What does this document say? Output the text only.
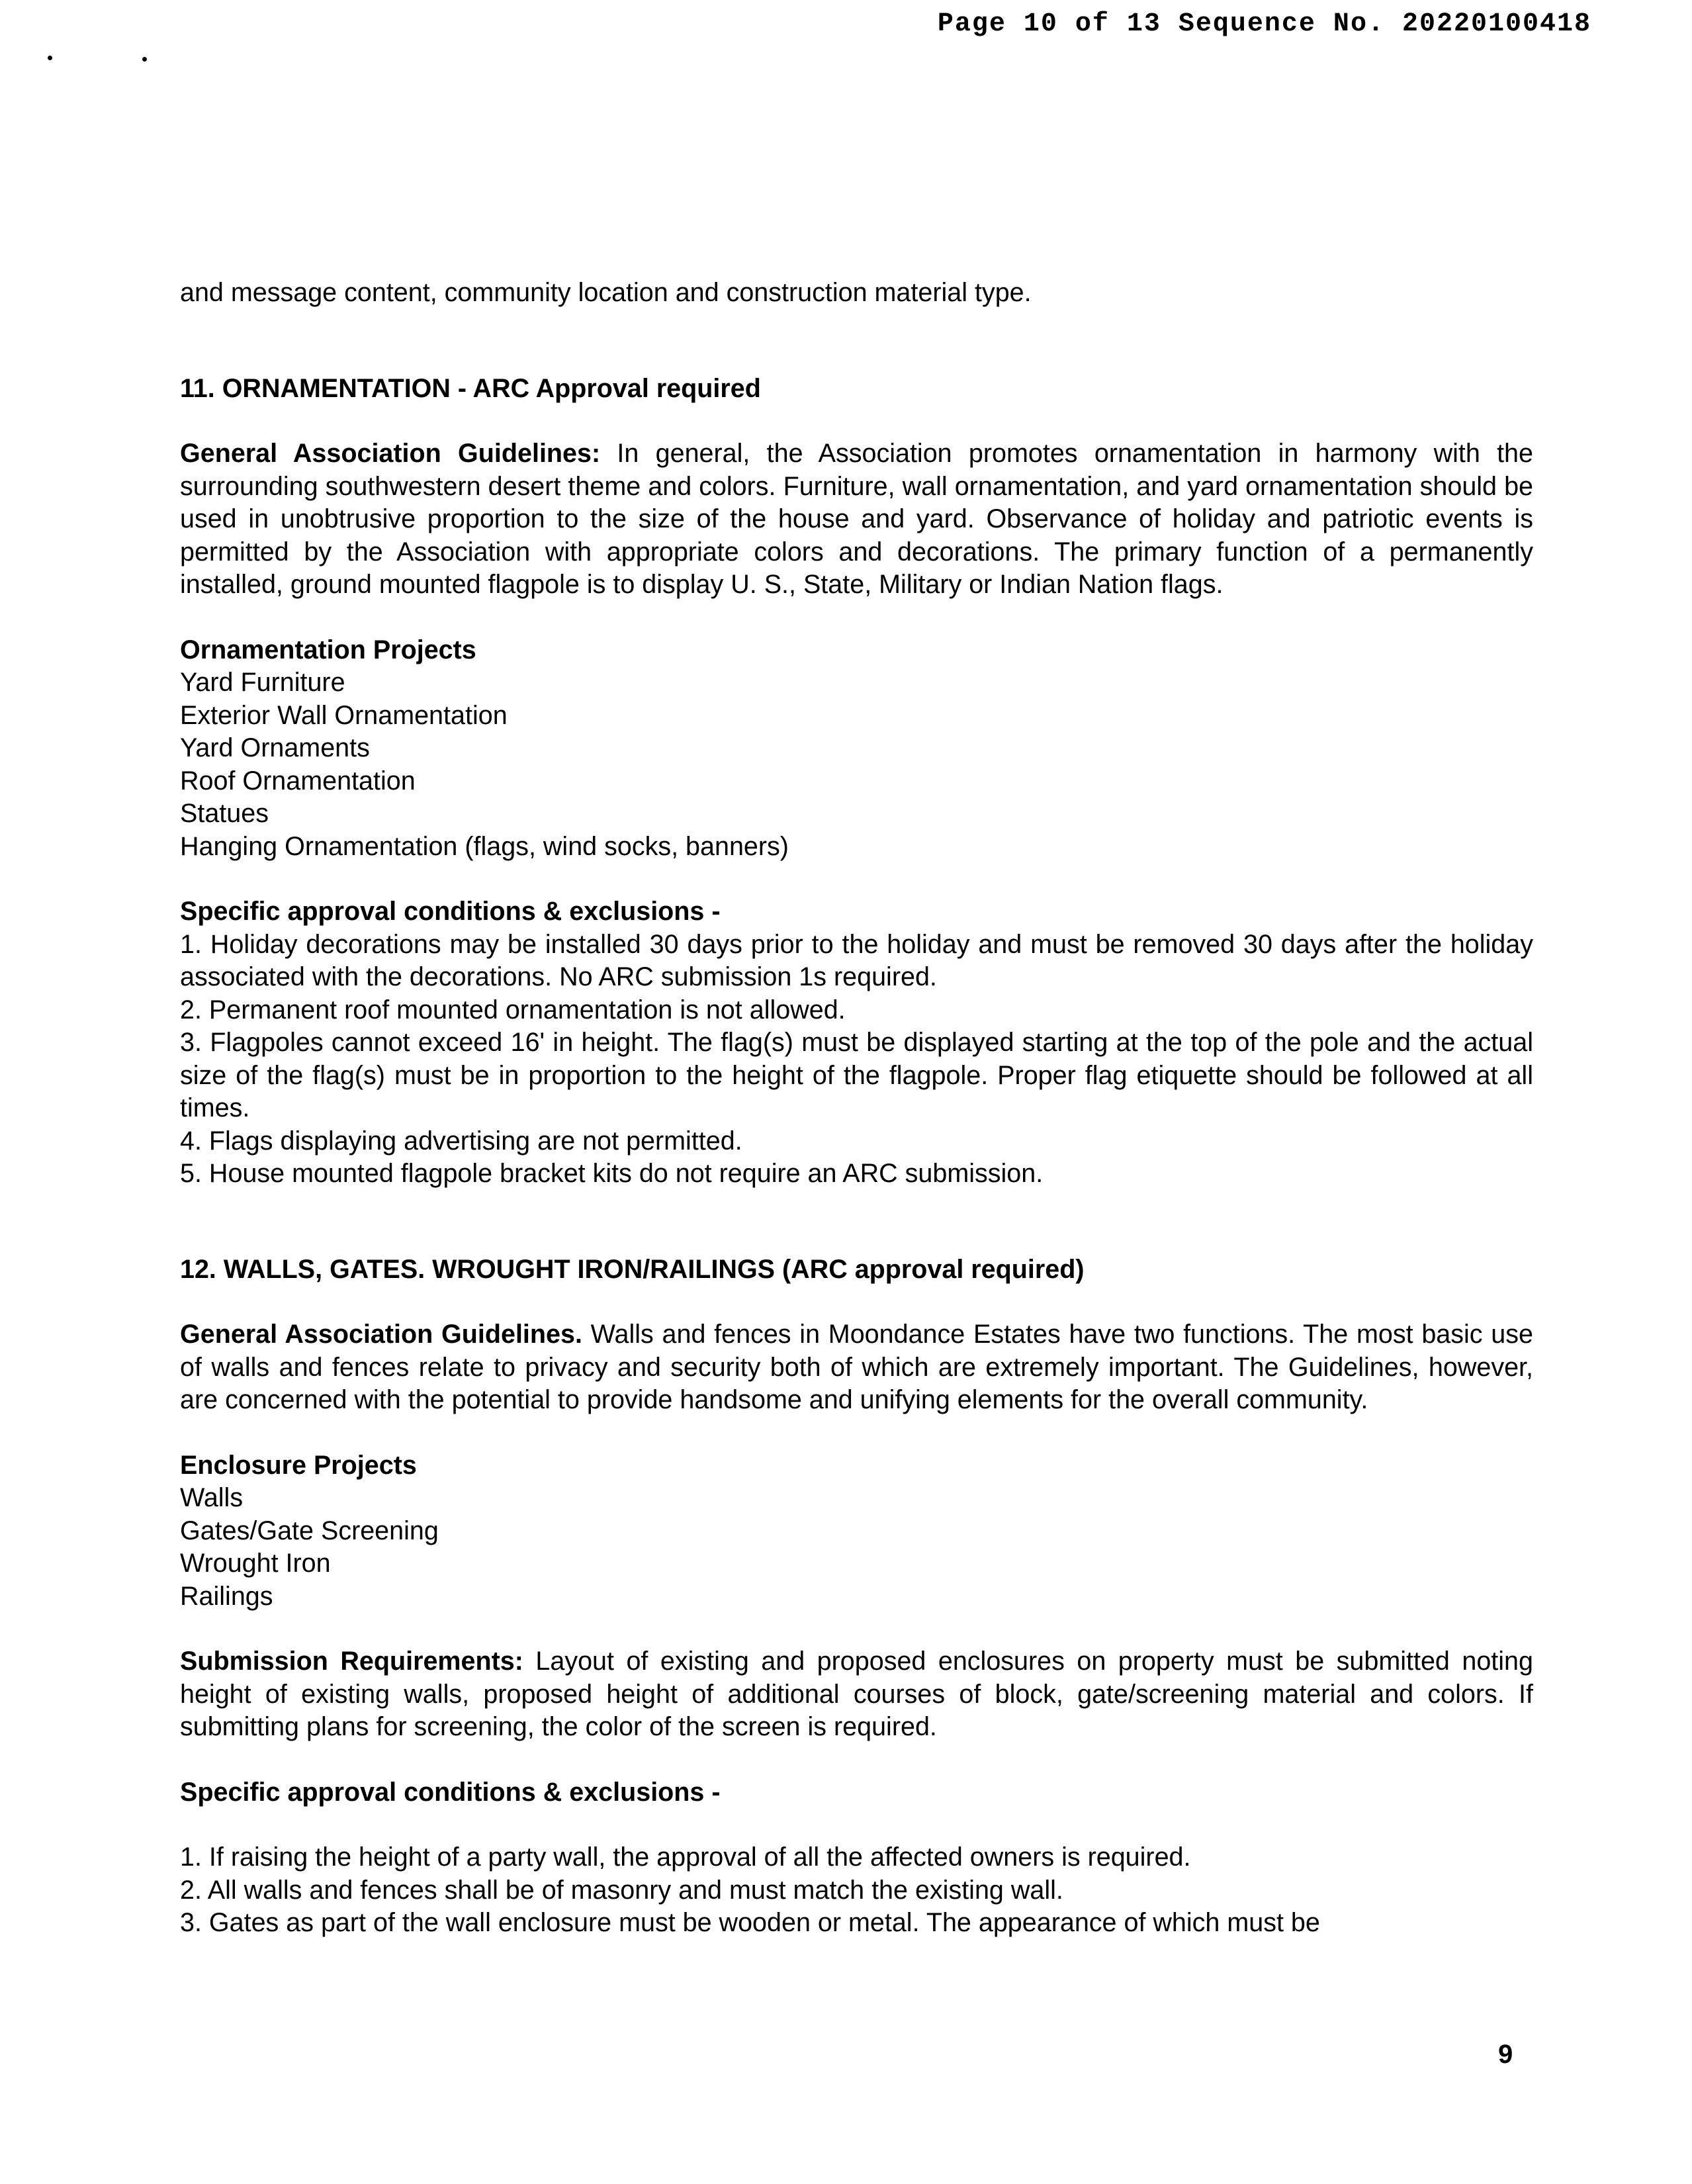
Page 10 of 13 Sequence No. 20220100418

and message content, community location and construction material type.

11. ORNAMENTATION - ARC Approval required

General Association Guidelines: In general, the Association promotes ornamentation in harmony with the surrounding southwestern desert theme and colors. Furniture, wall ornamentation, and yard ornamentation should be used in unobtrusive proportion to the size of the house and yard. Observance of holiday and patriotic events is permitted by the Association with appropriate colors and decorations. The primary function of a permanently installed, ground mounted flagpole is to display U. S., State, Military or Indian Nation flags.

Ornamentation Projects

Yard Furniture

Exterior Wall Ornamentation

Yard Ornaments

Roof Ornamentation

Statues

Hanging Ornamentation (flags, wind socks, banners)

Specific approval conditions & exclusions -

1. Holiday decorations may be installed 30 days prior to the holiday and must be removed 30 days after the holiday associated with the decorations. No ARC submission 1s required.

2. Permanent roof mounted ornamentation is not allowed.

3. Flagpoles cannot exceed 16' in height. The flag(s) must be displayed starting at the top of the pole and the actual size of the flag(s) must be in proportion to the height of the flagpole. Proper flag etiquette should be followed at all times.

4. Flags displaying advertising are not permitted.

5. House mounted flagpole bracket kits do not require an ARC submission.

12. WALLS, GATES. WROUGHT IRON/RAILINGS (ARC approval required)

General Association Guidelines. Walls and fences in Moondance Estates have two functions. The most basic use of walls and fences relate to privacy and security both of which are extremely important. The Guidelines, however, are concerned with the potential to provide handsome and unifying elements for the overall community.

Enclosure Projects

Walls

Gates/Gate Screening

Wrought Iron

Railings

Submission Requirements: Layout of existing and proposed enclosures on property must be submitted noting height of existing walls, proposed height of additional courses of block, gate/screening material and colors. If submitting plans for screening, the color of the screen is required.

Specific approval conditions & exclusions -

1. If raising the height of a party wall, the approval of all the affected owners is required.

2. All walls and fences shall be of masonry and must match the existing wall.

3. Gates as part of the wall enclosure must be wooden or metal. The appearance of which must be

9
